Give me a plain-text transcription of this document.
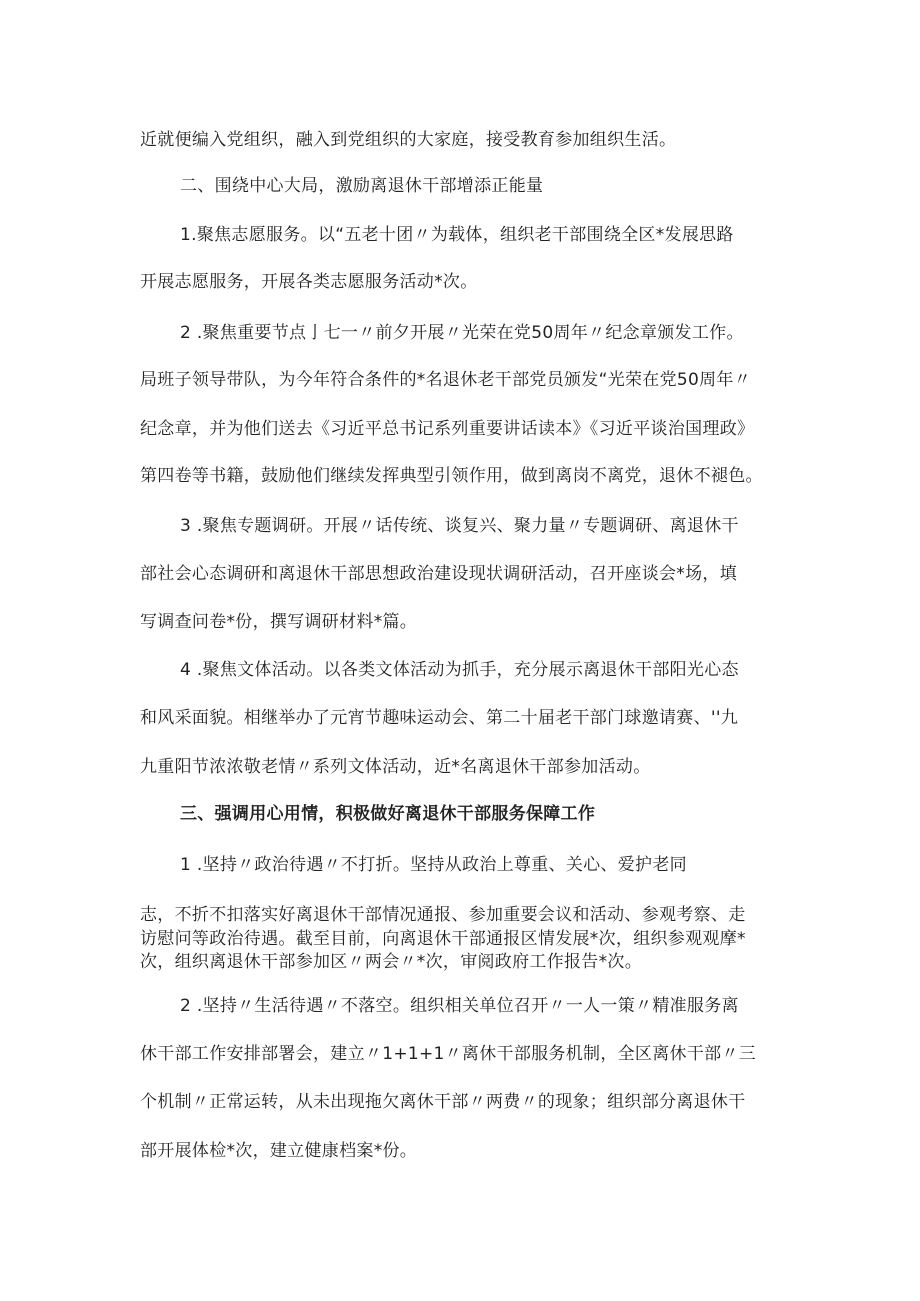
近就便编入党组织，融入到党组织的大家庭，接受教育参加组织生活。
二、围绕中心大局，激励离退休干部增添正能量
1.聚焦志愿服务。以“五老十团〃为载体，组织老干部围绕全区*发展思路
开展志愿服务，开展各类志愿服务活动*次。
2 .聚焦重要节点亅七一〃前夕开展〃光荣在党50周年〃纪念章颁发工作。
局班子领导带队，为今年符合条件的*名退休老干部党员颁发“光荣在党50周年〃
纪念章，并为他们送去《习近平总书记系列重要讲话读本》《习近平谈治国理政》
第四卷等书籍，鼓励他们继续发挥典型引领作用，做到离岗不离党，退休不褪色。
3 .聚焦专题调研。开展〃话传统、谈复兴、聚力量〃专题调研、离退休干
部社会心态调研和离退休干部思想政治建设现状调研活动，召开座谈会*场，填
写调查问卷*份，撰写调研材料*篇。
4 .聚焦文体活动。以各类文体活动为抓手，充分展示离退休干部阳光心态
和风采面貌。相继举办了元宵节趣味运动会、第二十届老干部门球邀请赛、''九
九重阳节浓浓敬老情〃系列文体活动，近*名离退休干部参加活动。
三、强调用心用情，积极做好离退休干部服务保障工作
1 .坚持〃政治待遇〃不打折。坚持从政治上尊重、关心、爱护老同
志，不折不扣落实好离退休干部情况通报、参加重要会议和活动、参观考察、走
访慰问等政治待遇。截至目前，向离退休干部通报区情发展*次，组织参观观摩*
次，组织离退休干部参加区〃两会〃*次，审阅政府工作报告*次。
2 .坚持〃生活待遇〃不落空。组织相关单位召开〃一人一策〃精准服务离
休干部工作安排部署会，建立〃1+1+1〃离休干部服务机制，全区离休干部〃三
个机制〃正常运转，从未出现拖欠离休干部〃两费〃的现象；组织部分离退休干
部开展体检*次，建立健康档案*份。
